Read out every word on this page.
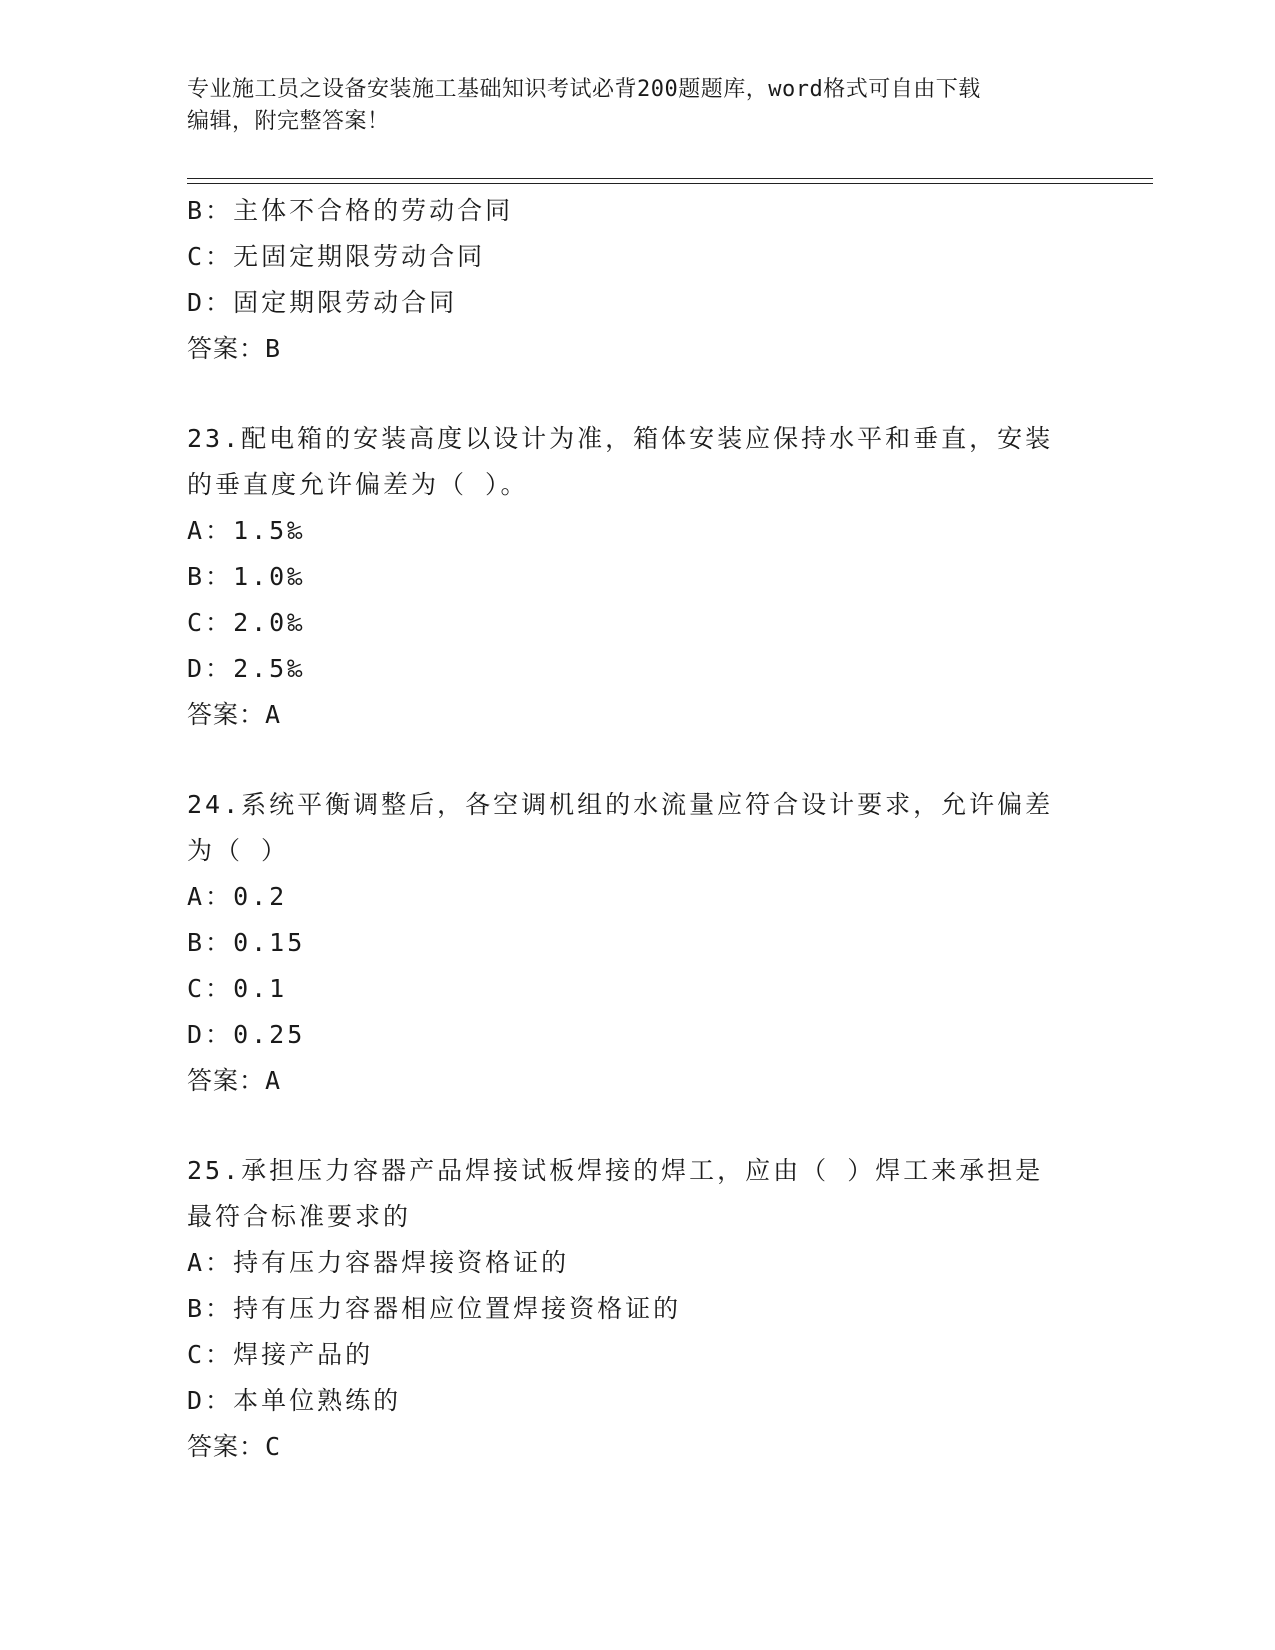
专业施工员之设备安装施工基础知识考试必背200题题库，word格式可自由下载
编辑，附完整答案！
B：主体不合格的劳动合同
C：无固定期限劳动合同
D：固定期限劳动合同
答案：B
23.配电箱的安装高度以设计为准，箱体安装应保持水平和垂直，安装
的垂直度允许偏差为（ ）。
A：1.5‰
B：1.0‰
C：2.0‰
D：2.5‰
答案：A
24.系统平衡调整后，各空调机组的水流量应符合设计要求，允许偏差
为（ ）
A：0.2
B：0.15
C：0.1
D：0.25
答案：A
25.承担压力容器产品焊接试板焊接的焊工，应由（ ）焊工来承担是
最符合标准要求的
A：持有压力容器焊接资格证的
B：持有压力容器相应位置焊接资格证的
C：焊接产品的
D：本单位熟练的
答案：C
